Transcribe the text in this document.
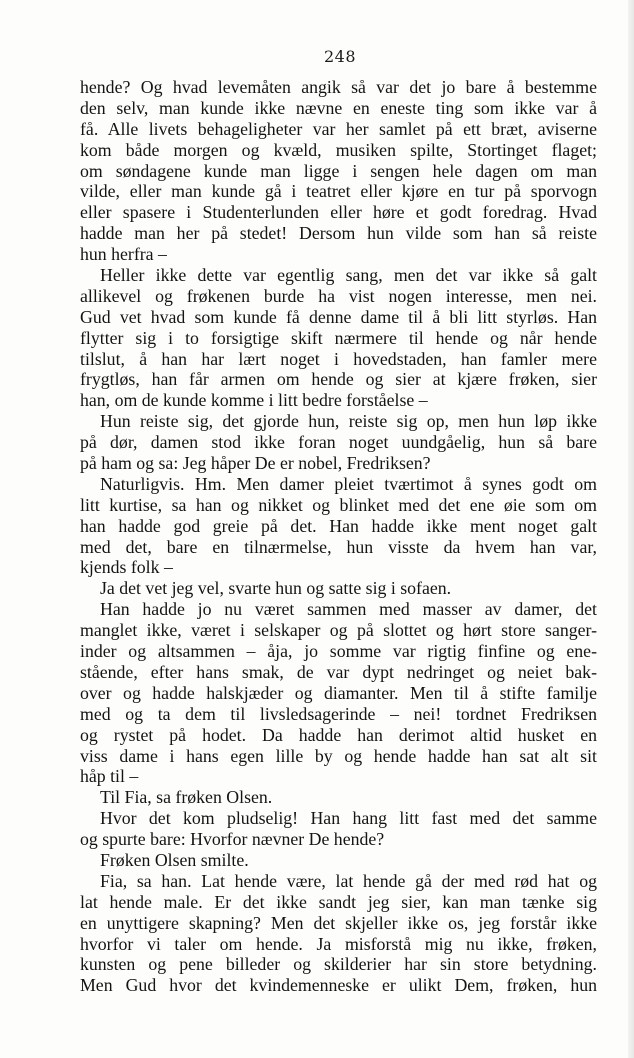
248
hende? Og hvad levemåten angik så var det jo bare å bestemme
den selv, man kunde ikke nævne en eneste ting som ikke var å
få. Alle livets behageligheter var her samlet på ett bræt, aviserne
kom både morgen og kvæld, musiken spilte, Stortinget flaget;
om søndagene kunde man ligge i sengen hele dagen om man
vilde, eller man kunde gå i teatret eller kjøre en tur på sporvogn
eller spasere i Studenterlunden eller høre et godt foredrag. Hvad
hadde man her på stedet! Dersom hun vilde som han så reiste
hun herfra –
Heller ikke dette var egentlig sang, men det var ikke så galt
allikevel og frøkenen burde ha vist nogen interesse, men nei.
Gud vet hvad som kunde få denne dame til å bli litt styrløs. Han
flytter sig i to forsigtige skift nærmere til hende og når hende
tilslut, å han har lært noget i hovedstaden, han famler mere
frygtløs, han får armen om hende og sier at kjære frøken, sier
han, om de kunde komme i litt bedre forståelse –
Hun reiste sig, det gjorde hun, reiste sig op, men hun løp ikke
på dør, damen stod ikke foran noget uundgåelig, hun så bare
på ham og sa: Jeg håper De er nobel, Fredriksen?
Naturligvis. Hm. Men damer pleiet tværtimot å synes godt om
litt kurtise, sa han og nikket og blinket med det ene øie som om
han hadde god greie på det. Han hadde ikke ment noget galt
med det, bare en tilnærmelse, hun visste da hvem han var,
kjends folk –
Ja det vet jeg vel, svarte hun og satte sig i sofaen.
Han hadde jo nu været sammen med masser av damer, det
manglet ikke, været i selskaper og på slottet og hørt store sanger-
inder og altsammen – åja, jo somme var rigtig finfine og ene-
stående, efter hans smak, de var dypt nedringet og neiet bak-
over og hadde halskjæder og diamanter. Men til å stifte familje
med og ta dem til livsledsagerinde – nei! tordnet Fredriksen
og rystet på hodet. Da hadde han derimot altid husket en
viss dame i hans egen lille by og hende hadde han sat alt sit
håp til –
Til Fia, sa frøken Olsen.
Hvor det kom pludselig! Han hang litt fast med det samme
og spurte bare: Hvorfor nævner De hende?
Frøken Olsen smilte.
Fia, sa han. Lat hende være, lat hende gå der med rød hat og
lat hende male. Er det ikke sandt jeg sier, kan man tænke sig
en unyttigere skapning? Men det skjeller ikke os, jeg forstår ikke
hvorfor vi taler om hende. Ja misforstå mig nu ikke, frøken,
kunsten og pene billeder og skilderier har sin store betydning.
Men Gud hvor det kvindemenneske er ulikt Dem, frøken, hun
